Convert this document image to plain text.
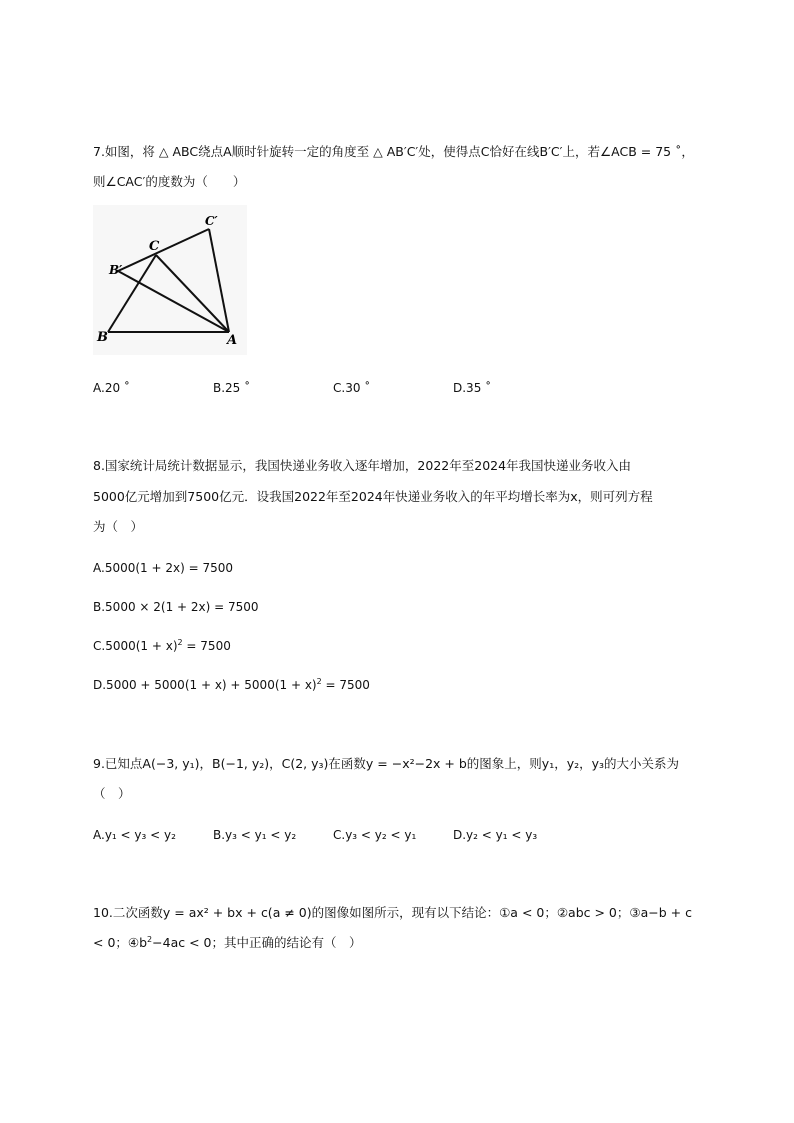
7.如图，将 △ ABC绕点A顺时针旋转一定的角度至 △ AB′C′处，使得点C恰好在线B′C′上，若∠ACB = 75 ˚，
则∠CAC′的度数为（　　）
B	A
C
B′
C′
A.20 ˚	B.25 ˚	C.30 ˚	D.35 ˚
8.国家统计局统计数据显示，我国快递业务收入逐年增加，2022年至2024年我国快递业务收入由
5000亿元增加到7500亿元．设我国2022年至2024年快递业务收入的年平均增长率为x，则可列方程
为（　）
A.5000(1 + 2x) = 7500
B.5000 × 2(1 + 2x) = 7500
$C.5000(1 + x)^2 = 7500$
$D.5000 + 5000(1 + x) + 5000(1 + x)^2 = 7500$
9.已知点A(−3, y₁)，B(−1, y₂)，C(2, y₃)在函数y = −x²−2x + b的图象上，则y₁，y₂，y₃的大小关系为
（　）
A.y₁ < y₃ < y₂	B.y₃ < y₁ < y₂	C.y₃ < y₂ < y₁	D.y₂ < y₁ < y₃
10.二次函数y = ax² + bx + c(a ≠ 0)的图像如图所示，现有以下结论：①a < 0；②abc > 0；③a−b + c
< 0；$④b^2-4ac < 0$；其中正确的结论有（　）
